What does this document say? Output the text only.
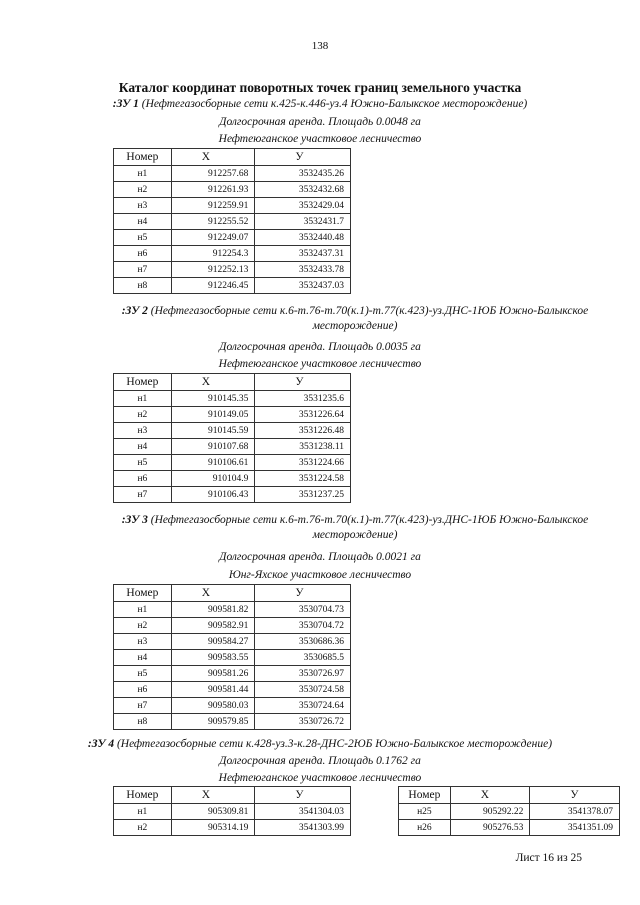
138
Каталог координат поворотных точек границ земельного участка
:ЗУ 1 (Нефтегазосборные сети к.425-к.446-уз.4 Южно-Балыкское месторождение)
Долгосрочная аренда. Площадь 0.0048 га
Нефтеюганское участковое лесничество
Номер	X	У
н1	912257.68	3532435.26
н2	912261.93	3532432.68
н3	912259.91	3532429.04
н4	912255.52	3532431.7
н5	912249.07	3532440.48
н6	912254.3	3532437.31
н7	912252.13	3532433.78
н8	912246.45	3532437.03
:ЗУ 2 (Нефтегазосборные сети к.6-т.76-т.70(к.1)-т.77(к.423)-уз.ДНС-1ЮБ Южно-Балыкское месторождение)
Долгосрочная аренда. Площадь 0.0035 га
Нефтеюганское участковое лесничество
Номер	X	У
н1	910145.35	3531235.6
н2	910149.05	3531226.64
н3	910145.59	3531226.48
н4	910107.68	3531238.11
н5	910106.61	3531224.66
н6	910104.9	3531224.58
н7	910106.43	3531237.25
:ЗУ 3 (Нефтегазосборные сети к.6-т.76-т.70(к.1)-т.77(к.423)-уз.ДНС-1ЮБ Южно-Балыкское месторождение)
Долгосрочная аренда. Площадь 0.0021 га
Юнг-Яхское участковое лесничество
Номер	X	У
н1	909581.82	3530704.73
н2	909582.91	3530704.72
н3	909584.27	3530686.36
н4	909583.55	3530685.5
н5	909581.26	3530726.97
н6	909581.44	3530724.58
н7	909580.03	3530724.64
н8	909579.85	3530726.72
:ЗУ 4 (Нефтегазосборные сети к.428-уз.3-к.28-ДНС-2ЮБ Южно-Балыкское месторождение)
Долгосрочная аренда. Площадь 0.1762 га
Нефтеюганское участковое лесничество
Номер	X	У
н1	905309.81	3541304.03
н2	905314.19	3541303.99
Номер	X	У
н25	905292.22	3541378.07
н26	905276.53	3541351.09
Лист 16 из 25
